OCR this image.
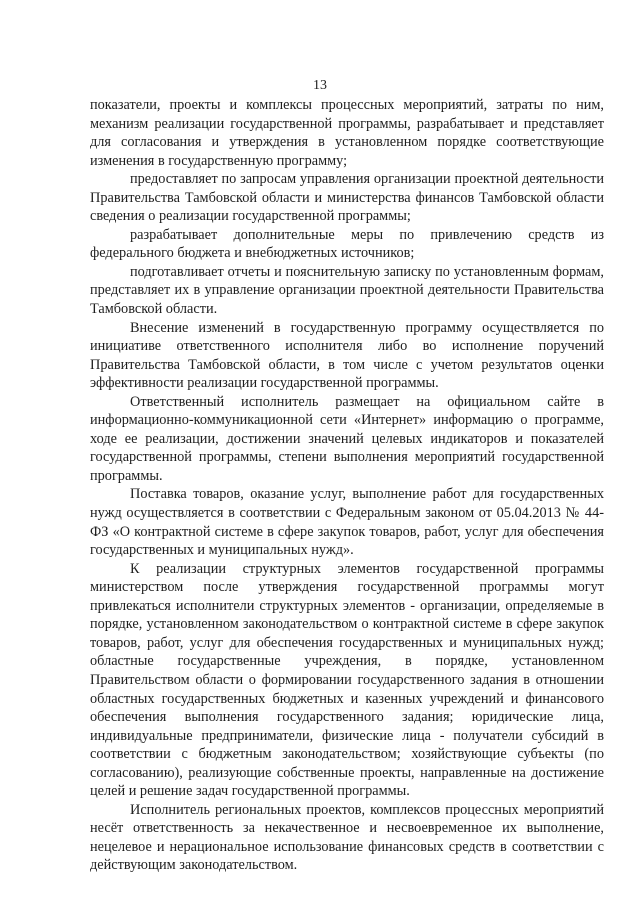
13

показатели, проекты и комплексы процессных мероприятий, затраты по ним, механизм реализации государственной программы, разрабатывает и представляет для согласования и утверждения в установленном порядке соответствующие изменения в государственную программу;

предоставляет по запросам управления организации проектной деятельности Правительства Тамбовской области и министерства финансов Тамбовской области сведения о реализации государственной программы;

разрабатывает дополнительные меры по привлечению средств из федерального бюджета и внебюджетных источников;

подготавливает отчеты и пояснительную записку по установленным формам, представляет их в управление организации проектной деятельности Правительства Тамбовской области.

Внесение изменений в государственную программу осуществляется по инициативе ответственного исполнителя либо во исполнение поручений Правительства Тамбовской области, в том числе с учетом результатов оценки эффективности реализации государственной программы.

Ответственный исполнитель размещает на официальном сайте в информационно-коммуникационной сети «Интернет» информацию о программе, ходе ее реализации, достижении значений целевых индикаторов и показателей государственной программы, степени выполнения мероприятий государственной программы.

Поставка товаров, оказание услуг, выполнение работ для государственных нужд осуществляется в соответствии с Федеральным законом от 05.04.2013 № 44-ФЗ «О контрактной системе в сфере закупок товаров, работ, услуг для обеспечения государственных и муниципальных нужд».

К реализации структурных элементов государственной программы министерством после утверждения государственной программы могут привлекаться исполнители структурных элементов - организации, определяемые в порядке, установленном законодательством о контрактной системе в сфере закупок товаров, работ, услуг для обеспечения государственных и муниципальных нужд; областные государственные учреждения, в порядке, установленном Правительством области о формировании государственного задания в отношении областных государственных бюджетных и казенных учреждений и финансового обеспечения выполнения государственного задания; юридические лица, индивидуальные предприниматели, физические лица - получатели субсидий в соответствии с бюджетным законодательством; хозяйствующие субъекты (по согласованию), реализующие собственные проекты, направленные на достижение целей и решение задач государственной программы.

Исполнитель региональных проектов, комплексов процессных мероприятий несёт ответственность за некачественное и несвоевременное их выполнение, нецелевое и нерациональное использование финансовых средств в соответствии с действующим законодательством.
